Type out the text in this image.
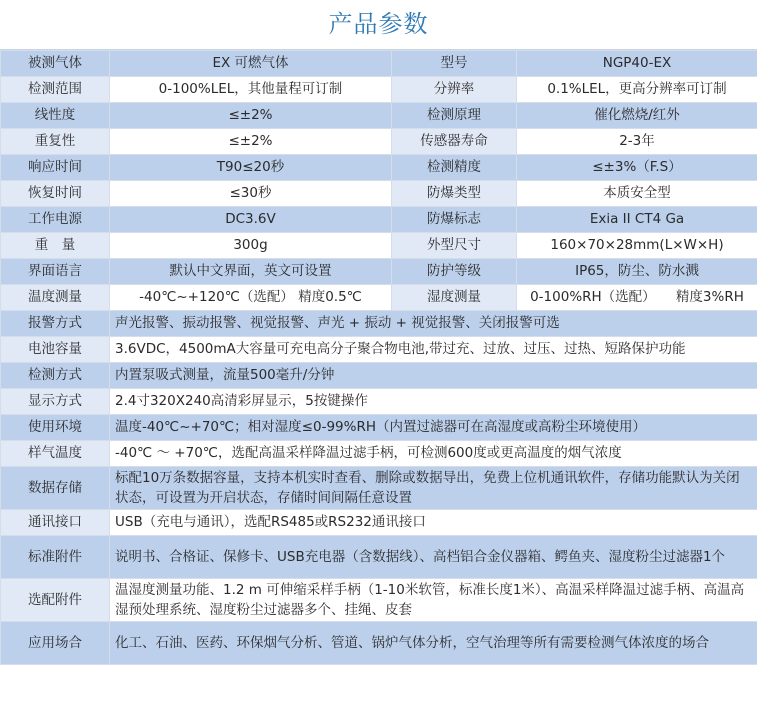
产品参数
被测气体	EX 可燃气体	型号	NGP40-EX
检测范围	0-100%LEL，其他量程可订制	分辨率	0.1%LEL，更高分辨率可订制
线性度	≤±2%	检测原理	催化燃烧/红外
重复性	≤±2%	传感器寿命	2-3年
响应时间	T90≤20秒	检测精度	≤±3%（F.S）
恢复时间	≤30秒	防爆类型	本质安全型
工作电源	DC3.6V	防爆标志	Exia II CT4 Ga
重　量	300g	外型尺寸	160×70×28mm(L×W×H)
界面语言	默认中文界面，英文可设置	防护等级	IP65，防尘、防水溅
温度测量	-40℃~+120℃（选配） 精度0.5℃	湿度测量	0-100%RH（选配）　　精度3%RH
报警方式	声光报警、振动报警、视觉报警、声光 + 振动 + 视觉报警、关闭报警可选		
电池容量	3.6VDC，4500mA大容量可充电高分子聚合物电池,带过充、过放、过压、过热、短路保护功能		
检测方式	内置泵吸式测量，流量500毫升/分钟		
显示方式	2.4寸320X240高清彩屏显示，5按键操作		
使用环境	温度-40℃~+70℃；相对湿度≤0-99%RH（内置过滤器可在高湿度或高粉尘环境使用）		
样气温度	-40℃ ～ +70℃，选配高温采样降温过滤手柄，可检测600度或更高温度的烟气浓度		
数据存储	标配10万条数据容量，支持本机实时查看、删除或数据导出，免费上位机通讯软件，存储功能默认为关闭状态，可设置为开启状态，存储时间间隔任意设置		
通讯接口	USB（充电与通讯），选配RS485或RS232通讯接口		
标准附件	说明书、合格证、保修卡、USB充电器（含数据线）、高档铝合金仪器箱、鳄鱼夹、湿度粉尘过滤器1个		
选配附件	温湿度测量功能、1.2 m 可伸缩采样手柄（1-10米软管，标准长度1米）、高温采样降温过滤手柄、高温高湿预处理系统、湿度粉尘过滤器多个、挂绳、皮套		
应用场合	化工、石油、医药、环保烟气分析、管道、锅炉气体分析，空气治理等所有需要检测气体浓度的场合		
